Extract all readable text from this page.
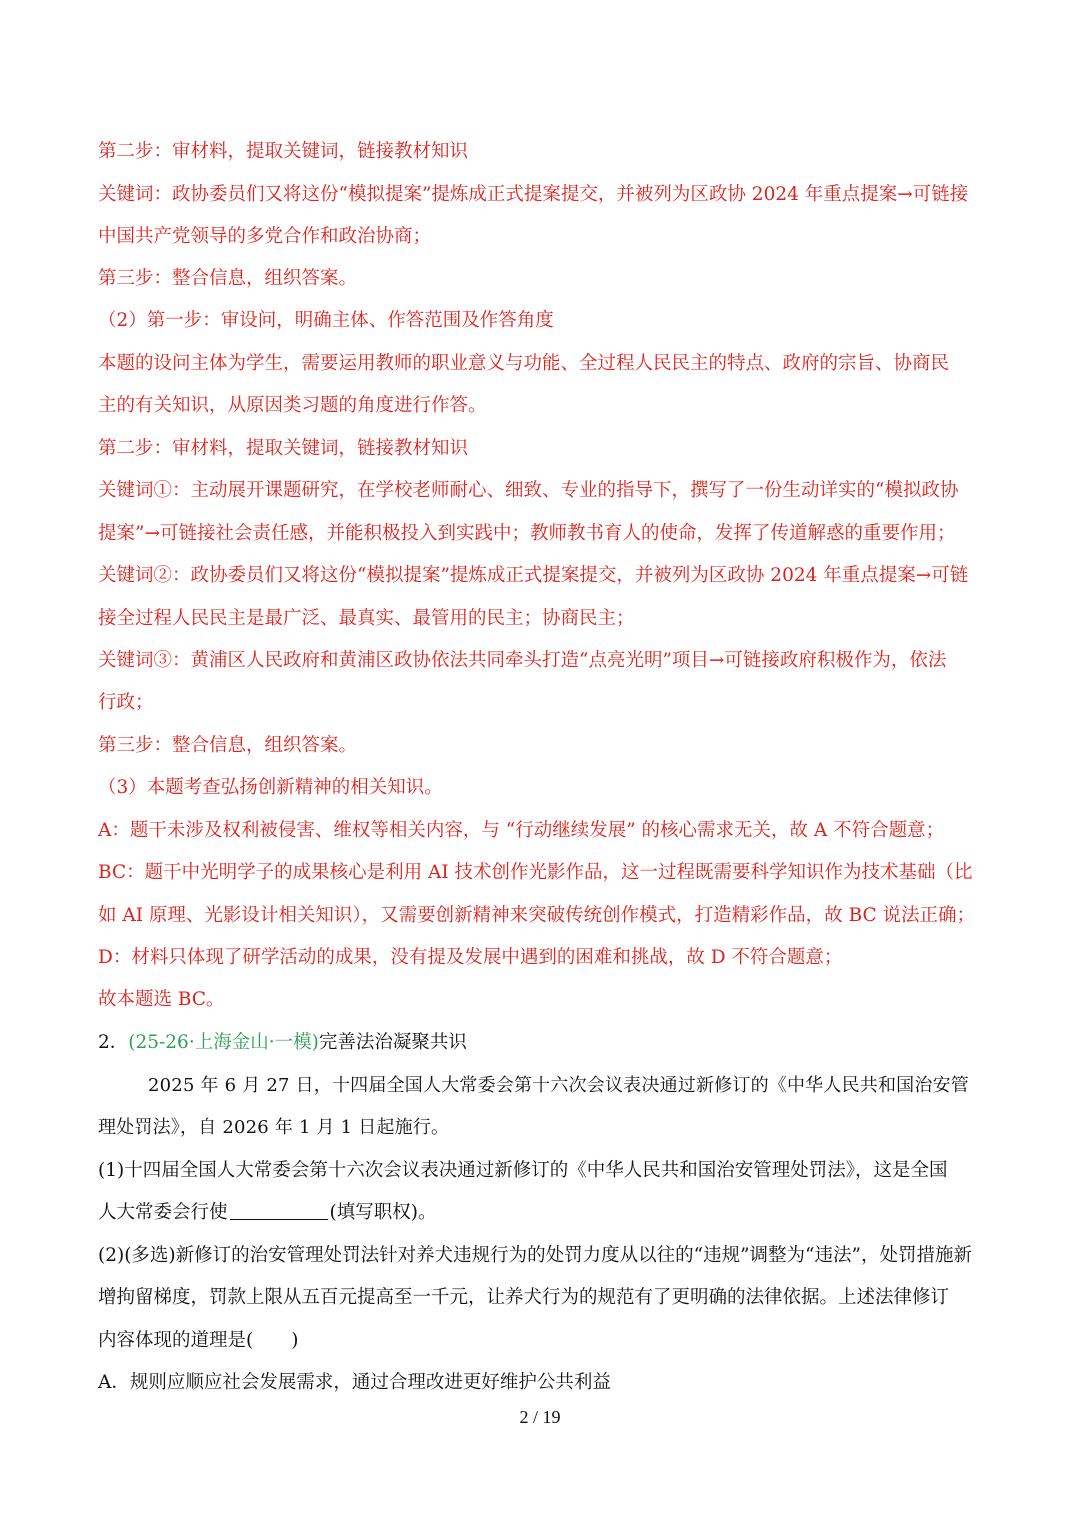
第二步：审材料，提取关键词，链接教材知识
关键词：政协委员们又将这份“模拟提案”提炼成正式提案提交，并被列为区政协 2024 年重点提案→可链接
中国共产党领导的多党合作和政治协商；
第三步：整合信息，组织答案。
（2）第一步：审设问，明确主体、作答范围及作答角度
本题的设问主体为学生，需要运用教师的职业意义与功能、全过程人民民主的特点、政府的宗旨、协商民
主的有关知识，从原因类习题的角度进行作答。
第二步：审材料，提取关键词，链接教材知识
关键词①：主动展开课题研究，在学校老师耐心、细致、专业的指导下，撰写了一份生动详实的“模拟政协
提案”→可链接社会责任感，并能积极投入到实践中；教师教书育人的使命，发挥了传道解惑的重要作用；
关键词②：政协委员们又将这份“模拟提案”提炼成正式提案提交，并被列为区政协 2024 年重点提案→可链
接全过程人民民主是最广泛、最真实、最管用的民主；协商民主；
关键词③：黄浦区人民政府和黄浦区政协依法共同牵头打造“点亮光明”项目→可链接政府积极作为，依法
行政；
第三步：整合信息，组织答案。
（3）本题考查弘扬创新精神的相关知识。
A：题干未涉及权利被侵害、维权等相关内容，与 “行动继续发展” 的核心需求无关，故 A 不符合题意；
BC：题干中光明学子的成果核心是利用 AI 技术创作光影作品，这一过程既需要科学知识作为技术基础（比
如 AI 原理、光影设计相关知识），又需要创新精神来突破传统创作模式，打造精彩作品，故 BC 说法正确；
D：材料只体现了研学活动的成果，没有提及发展中遇到的困难和挑战，故 D 不符合题意；
故本题选 BC。
2．(25-26·上海金山·一模)完善法治凝聚共识
2025 年 6 月 27 日，十四届全国人大常委会第十六次会议表决通过新修订的《中华人民共和国治安管
理处罚法》，自 2026 年 1 月 1 日起施行。
(1)十四届全国人大常委会第十六次会议表决通过新修订的《中华人民共和国治安管理处罚法》，这是全国
人大常委会行使	(填写职权)。
(2)(多选)新修订的治安管理处罚法针对养犬违规行为的处罚力度从以往的“违规”调整为“违法”，处罚措施新
增拘留梯度，罚款上限从五百元提高至一千元，让养犬行为的规范有了更明确的法律依据。上述法律修订
内容体现的道理是( )
A．规则应顺应社会发展需求，通过合理改进更好维护公共利益
2 / 19
